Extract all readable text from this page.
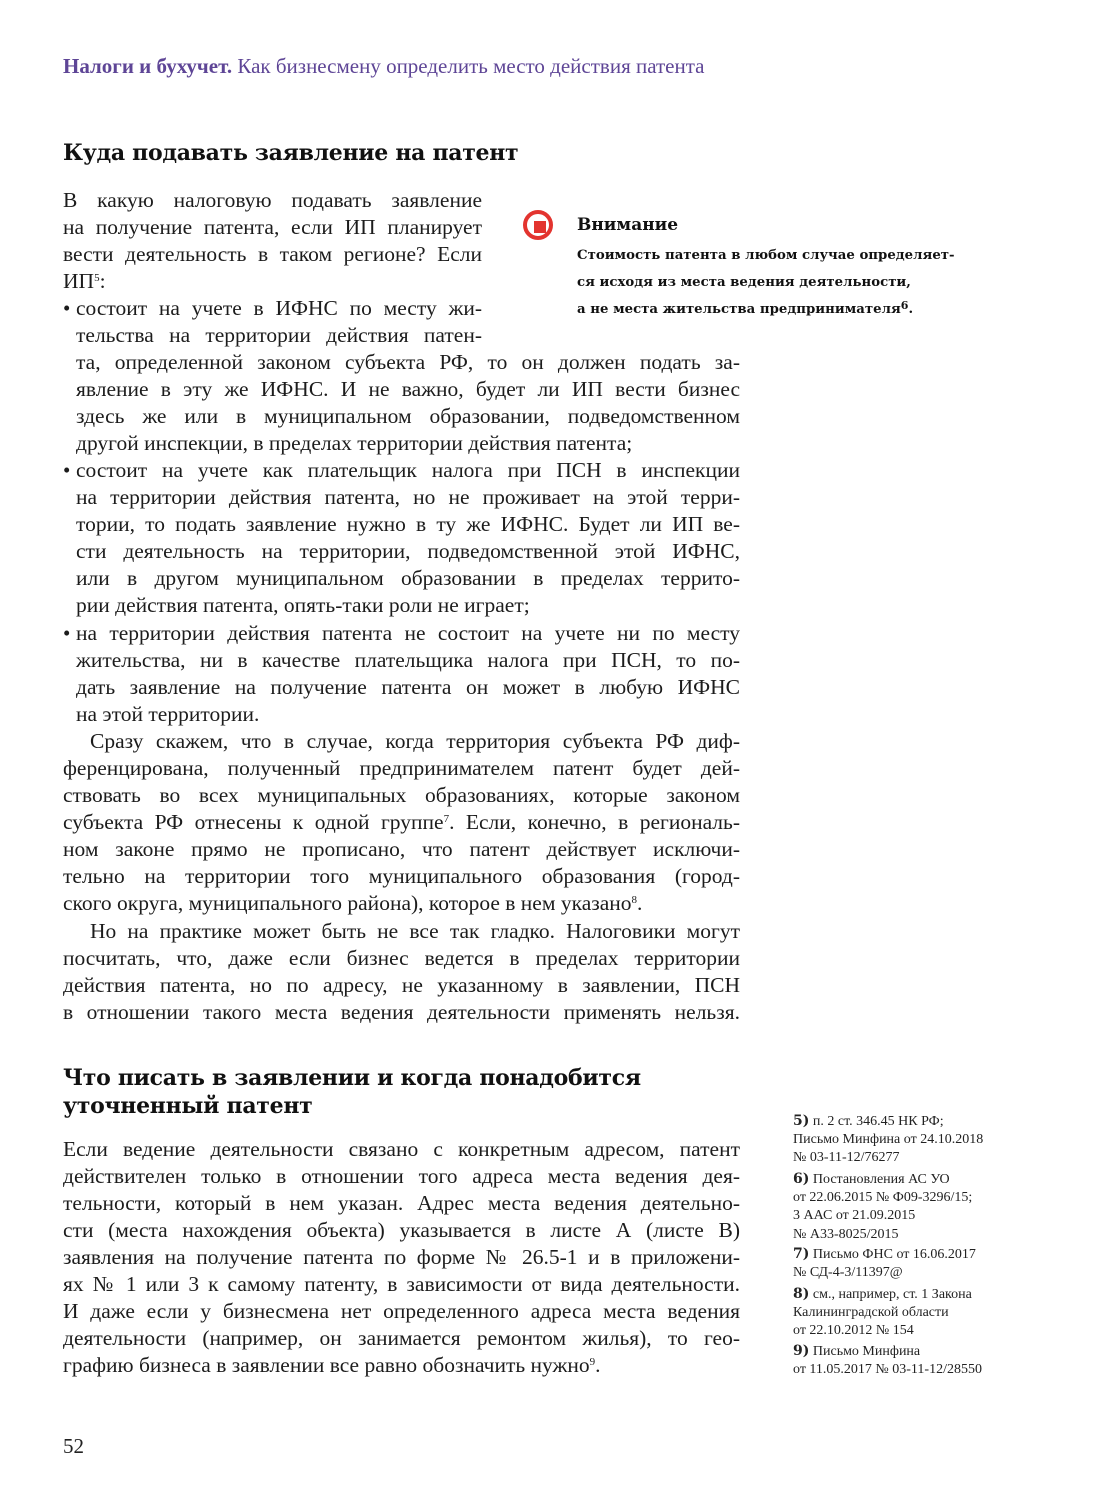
Налоги и бухучет. Как бизнесмену определить место действия патента
Куда подавать заявление на патент
В какую налоговую подавать заявление
на получение патента, если ИП планирует
вести деятельность в таком регионе? Если
$ИП^5$:
• состоит на учете в ИФНС по месту жи-
тельства на территории действия патен-
та, определенной законом субъекта РФ, то он должен подать за-
явление в эту же ИФНС. И не важно, будет ли ИП вести бизнес
здесь же или в муниципальном образовании, подведомственном
другой инспекции, в пределах территории действия патента;
• состоит на учете как плательщик налога при ПСН в инспекции
на территории действия патента, но не проживает на этой терри-
тории, то подать заявление нужно в ту же ИФНС. Будет ли ИП ве-
сти деятельность на территории, подведомственной этой ИФНС,
или в другом муниципальном образовании в пределах террито-
рии действия патента, опять-таки роли не играет;
• на территории действия патента не состоит на учете ни по месту
жительства, ни в качестве плательщика налога при ПСН, то по-
дать заявление на получение патента он может в любую ИФНС
на этой территории.
Сразу скажем, что в случае, когда территория субъекта РФ диф-
ференцирована, полученный предпринимателем патент будет дей-
ствовать во всех муниципальных образованиях, которые законом
субъекта РФ отнесены к одной группе$^7$. Если, конечно, в региональ-
ном законе прямо не прописано, что патент действует исключи-
тельно на территории того муниципального образования (город-
ского округа, муниципального района), которое в нем указано$^8$.
Но на практике может быть не все так гладко. Налоговики могут
посчитать, что, даже если бизнес ведется в пределах территории
действия патента, но по адресу, не указанному в заявлении, ПСН
в отношении такого места ведения деятельности применять нельзя.
Внимание
Стоимость патента в любом случае определяет-
ся исходя из места ведения деятельности,
а не места жительства предпринимателя$^6$.
Что писать в заявлении и когда понадобится
уточненный патент
Если ведение деятельности связано с конкретным адресом, патент
действителен только в отношении того адреса места ведения дея-
тельности, который в нем указан. Адрес места ведения деятельно-
сти (места нахождения объекта) указывается в листе А (листе В)
заявления на получение патента по форме № 26.5-1 и в приложени-
ях № 1 или 3 к самому патенту, в зависимости от вида деятельности.
И даже если у бизнесмена нет определенного адреса места ведения
деятельности (например, он занимается ремонтом жилья), то гео-
графию бизнеса в заявлении все равно обозначить нужно$^9$.
5) п. 2 ст. 346.45 НК РФ;
Письмо Минфина от 24.10.2018
№ 03-11-12/76277
6) Постановления АС УО
от 22.06.2015 № Ф09-3296/15;
3 ААС от 21.09.2015
№ А33-8025/2015
7) Письмо ФНС от 16.06.2017
№ СД-4-3/11397@
8) см., например, ст. 1 Закона
Калининградской области
от 22.10.2012 № 154
9) Письмо Минфина
от 11.05.2017 № 03-11-12/28550
52
